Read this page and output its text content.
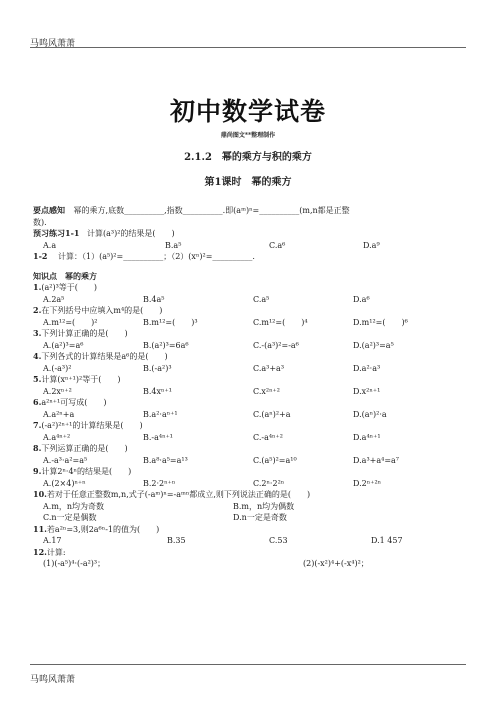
马鸣风萧萧
初中数学试卷
鼎尚图文**整理制作
2.1.2　幂的乘方与积的乘方
第1课时　幂的乘方
要点感知 幂的乘方,底数__________,指数__________.即(aᵐ)ⁿ=__________(m,n都是正整
数).
预习练习1-1 计算(a³)²的结果是(　　)
A.a	B.a⁵	C.a⁶	D.a⁹
1-2 计算：（1）(a⁵)²=__________；（2）(xⁿ)²=__________.
知识点　幂的乘方
1.(a²)³等于(　　)
A.2a⁵	B.4a⁵	C.a⁵	D.a⁶
2.在下列括号中应填入m⁴的是(　　)
A.m¹²=(　　)²	B.m¹²=(　　)³	C.m¹²=(　　)⁴	D.m¹²=(　　)⁶
3.下列计算正确的是(　　)
A.(a²)³=a⁶	B.(a²)³=6a⁶	C.-(a³)²=-a⁶	D.(a²)³=a⁵
4.下列各式的计算结果是a⁶的是(　　)
A.(-a³)²	B.(-a²)³	C.a³+a³	D.a²·a³
5.计算(xⁿ⁺¹)²等于(　　)
A.2xⁿ⁺²	B.4xⁿ⁺¹	C.x²ⁿ⁺²	D.x²ⁿ⁺¹
6.a²ⁿ⁺¹可写成(　　)
A.a²ⁿ+a	B.a²·aⁿ⁺¹	C.(aⁿ)²+a	D.(aⁿ)²·a
7.(-a²)²ⁿ⁺¹的计算结果是(　　)
A.a⁴ⁿ⁺²	B.-a⁴ⁿ⁺¹	C.-a⁴ⁿ⁺²	D.a⁴ⁿ⁺¹
8.下列运算正确的是(　　)
A.-a³·a²=a⁵	B.a⁸·a⁵=a¹³	C.(a⁵)²=a¹⁰	D.a³+a⁴=a⁷
9.计算2ⁿ·4ⁿ的结果是(　　)
A.(2×4)ⁿ⁺ⁿ	B.2·2ⁿ⁺ⁿ	C.2ⁿ·2²ⁿ	D.2ⁿ⁺²ⁿ
10.若对于任意正整数m,n,式子(-aᵐ)ⁿ=-aᵐⁿ都成立,则下列说法正确的是(　　)
A.m，n均为奇数	B.m，n均为偶数
C.n一定是偶数	D.n一定是奇数
11.若a²ⁿ=3,则2a⁶ⁿ-1的值为(　　)
A.17	B.35	C.53	D.1 457
12.计算:
(1)(-a⁵)⁴·(-a²)³；	(2)(-x²)⁴+(-x⁴)²；
马鸣风萧萧
